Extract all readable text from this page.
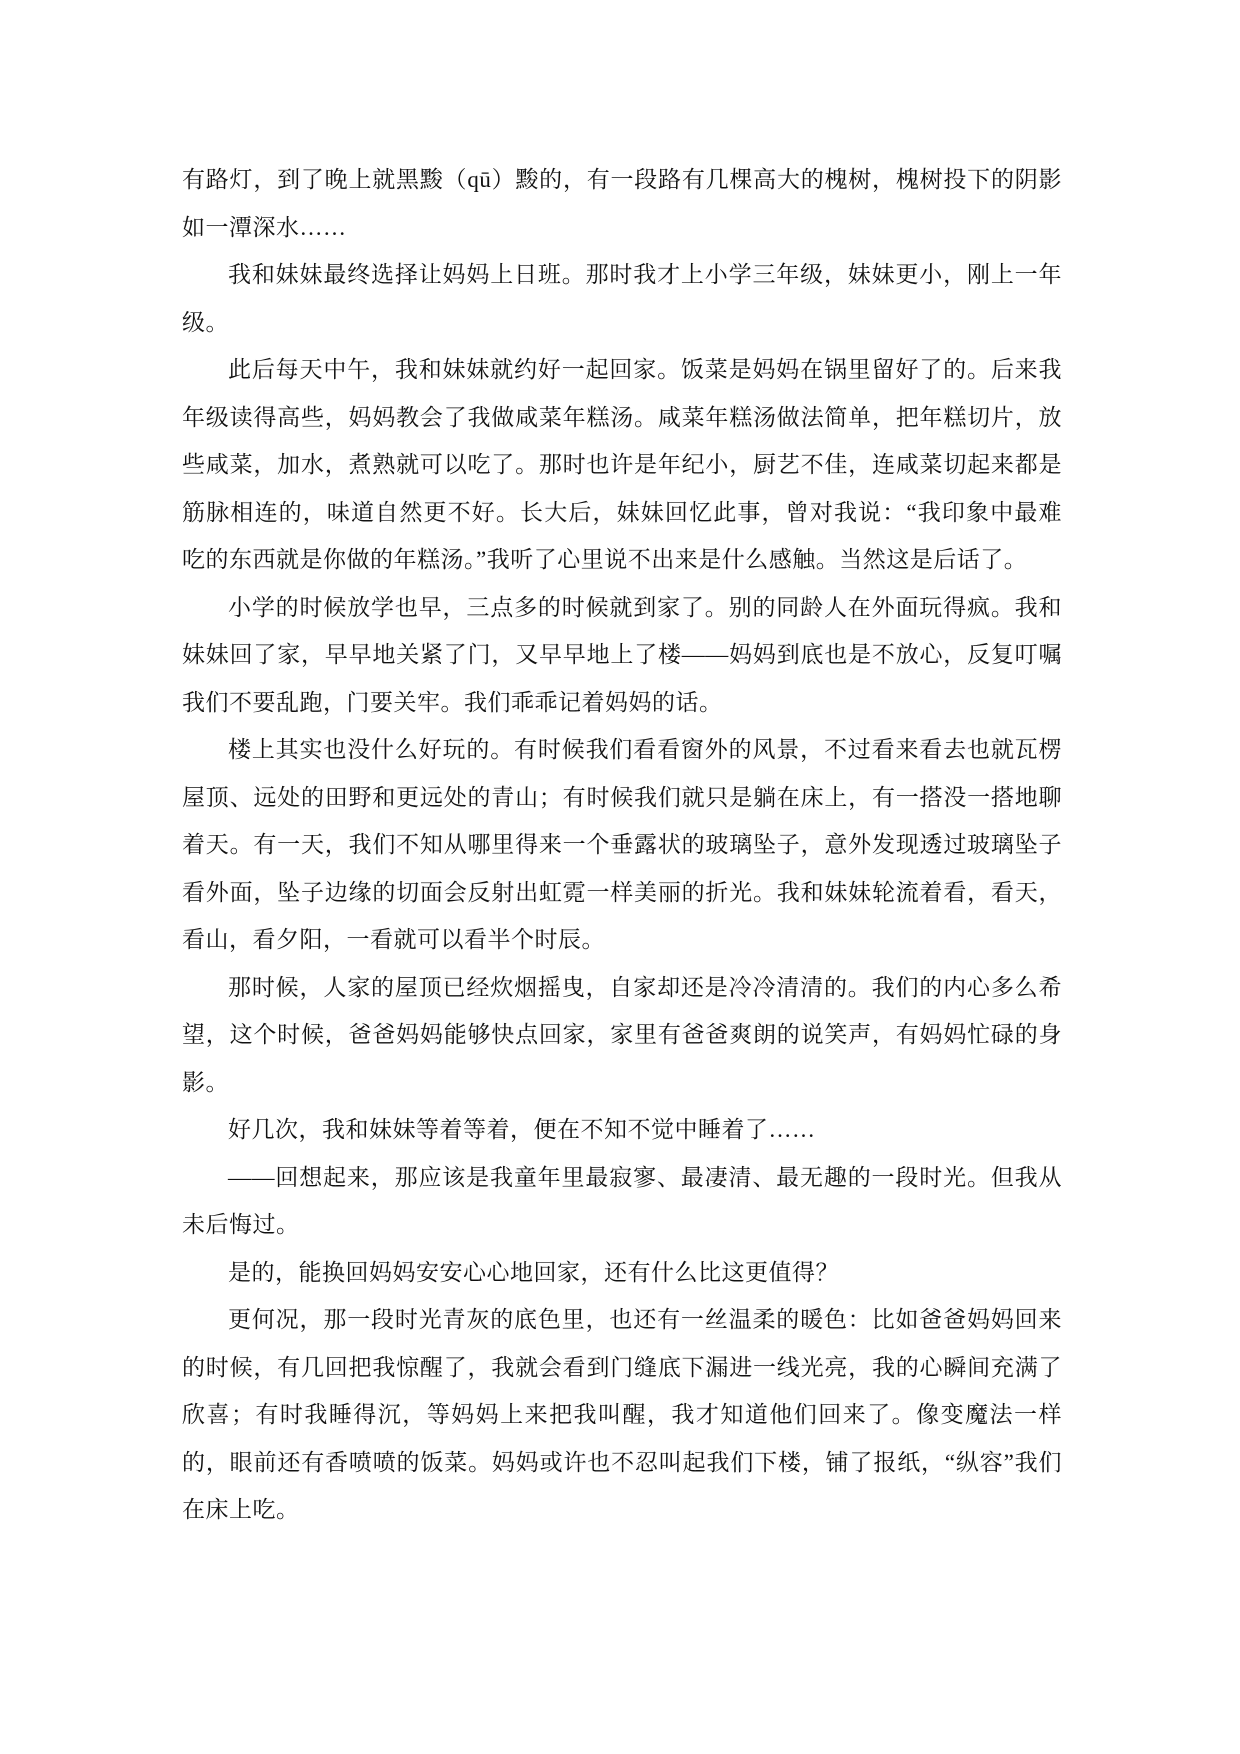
有路灯，到了晚上就黑黢（qū）黢的，有一段路有几棵高大的槐树，槐树投下的阴影如一潭深水……

我和妹妹最终选择让妈妈上日班。那时我才上小学三年级，妹妹更小，刚上一年级。

此后每天中午，我和妹妹就约好一起回家。饭菜是妈妈在锅里留好了的。后来我年级读得高些，妈妈教会了我做咸菜年糕汤。咸菜年糕汤做法简单，把年糕切片，放些咸菜，加水，煮熟就可以吃了。那时也许是年纪小，厨艺不佳，连咸菜切起来都是筋脉相连的，味道自然更不好。长大后，妹妹回忆此事，曾对我说：“我印象中最难吃的东西就是你做的年糕汤。”我听了心里说不出来是什么感触。当然这是后话了。

小学的时候放学也早，三点多的时候就到家了。别的同龄人在外面玩得疯。我和妹妹回了家，早早地关紧了门，又早早地上了楼——妈妈到底也是不放心，反复叮嘱我们不要乱跑，门要关牢。我们乖乖记着妈妈的话。

楼上其实也没什么好玩的。有时候我们看看窗外的风景，不过看来看去也就瓦楞屋顶、远处的田野和更远处的青山；有时候我们就只是躺在床上，有一搭没一搭地聊着天。有一天，我们不知从哪里得来一个垂露状的玻璃坠子，意外发现透过玻璃坠子看外面，坠子边缘的切面会反射出虹霓一样美丽的折光。我和妹妹轮流着看，看天，看山，看夕阳，一看就可以看半个时辰。

那时候，人家的屋顶已经炊烟摇曳，自家却还是冷冷清清的。我们的内心多么希望，这个时候，爸爸妈妈能够快点回家，家里有爸爸爽朗的说笑声，有妈妈忙碌的身影。

好几次，我和妹妹等着等着，便在不知不觉中睡着了……

——回想起来，那应该是我童年里最寂寥、最凄清、最无趣的一段时光。但我从未后悔过。

是的，能换回妈妈安安心心地回家，还有什么比这更值得？

更何况，那一段时光青灰的底色里，也还有一丝温柔的暖色：比如爸爸妈妈回来的时候，有几回把我惊醒了，我就会看到门缝底下漏进一线光亮，我的心瞬间充满了欣喜；有时我睡得沉，等妈妈上来把我叫醒，我才知道他们回来了。像变魔法一样的，眼前还有香喷喷的饭菜。妈妈或许也不忍叫起我们下楼，铺了报纸，“纵容”我们在床上吃。
